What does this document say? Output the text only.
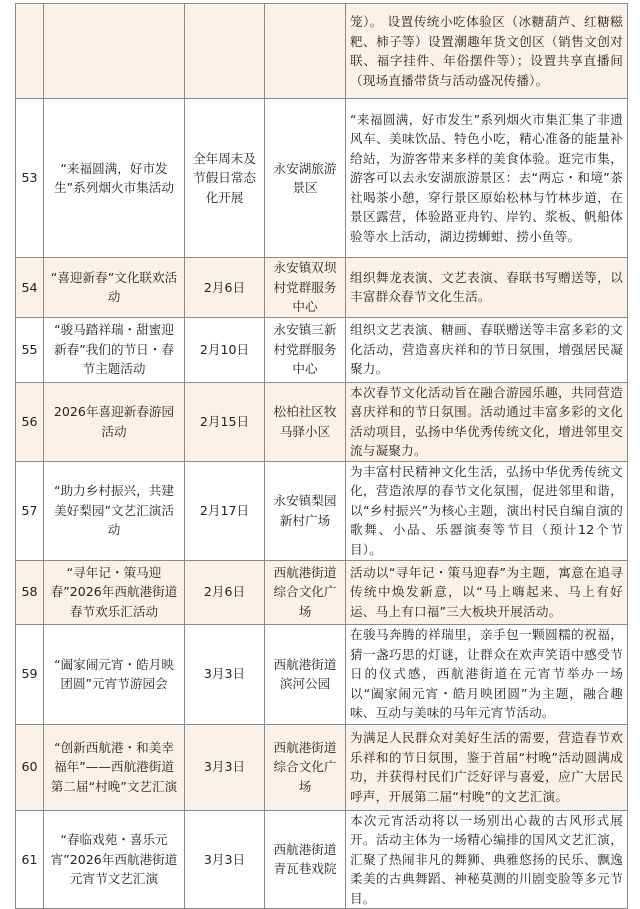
				笼）。 设置传统小吃体验区（冰糖葫芦、红糖糍粑、柿子等）设置潮趣年货文创区（销售文创对联、福字挂件、年俗摆件等）；设置共享直播间（现场直播带货与活动盛况传播）。
53	“来福圆满，好市发生”系列烟火市集活动	全年周末及节假日常态化开展	永安湖旅游景区	“来福圆满，好市发生”系列烟火市集汇集了非遗风车、美味饮品、特色小吃，精心准备的能量补给站，为游客带来多样的美食体验。逛完市集，游客可以去永安湖旅游景区：去“两忘・和境”茶社喝茶小憩，穿行景区原始松林与竹林步道，在景区露营，体验路亚舟钓、岸钓、浆板、帆船体验等水上活动，湖边捞蛳蚶、捞小鱼等。
54	“喜迎新春”文化联欢活动	2月6日	永安镇双坝村党群服务中心	组织舞龙表演、文艺表演、春联书写赠送等，以丰富群众春节文化生活。
55	“骏马踏祥瑞・甜蜜迎新春”我们的节日・春节主题活动	2月10日	永安镇三新村党群服务中心	组织文艺表演、糖画、春联赠送等丰富多彩的文化活动，营造喜庆祥和的节日氛围，增强居民凝聚力。
56	2026年喜迎新春游园活动	2月15日	松柏社区牧马驿小区	本次春节文化活动旨在融合游园乐趣，共同营造喜庆祥和的节日氛围。活动通过丰富多彩的文化活动项目，弘扬中华优秀传统文化，增进邻里交流与凝聚力。
57	“助力乡村振兴，共建美好梨园”文艺汇演活动	2月17日	永安镇梨园新村广场	为丰富村民精神文化生活，弘扬中华优秀传统文化，营造浓厚的春节文化氛围，促进邻里和谐，以“乡村振兴”为核心主题，演出村民自编自演的歌舞、小品、乐器演奏等节目（预计12个节目）。
58	“寻年记・策马迎春”2026年西航港街道春节欢乐汇活动	2月6日	西航港街道综合文化广场	活动以“寻年记・策马迎春”为主题，寓意在追寻传统中焕发新意，以“马上嗨起来、马上有好运、马上有口福”三大板块开展活动。
59	“阖家闹元宵・皓月映团圆”元宵节游园会	3月3日	西航港街道滨河公园	在骏马奔腾的祥瑞里，亲手包一颗圆糯的祝福，猜一盏巧思的灯谜，让群众在欢声笑语中感受节日的仪式感，西航港街道在元宵节举办一场以“阖家闹元宵・皓月映团圆”为主题，融合趣味、互动与美味的马年元宵节活动。
60	“创新西航港・和美幸福年”——西航港街道第二届“村晚”文艺汇演	3月3日	西航港街道综合文化广场	为满足人民群众对美好生活的需要，营造春节欢乐祥和的节日氛围，鉴于首届“村晚”活动圆满成功，并获得村民们广泛好评与喜爱，应广大居民呼声，开展第二届“村晚”的文艺汇演。
61	“春临戏苑・喜乐元宵”2026年西航港街道元宵节文艺汇演	3月3日	西航港街道青瓦巷戏院	本次元宵活动将以一场别出心裁的古风形式展开。活动主体为一场精心编排的国风文艺汇演，汇聚了热闹非凡的舞狮、典雅悠扬的民乐、飘逸柔美的古典舞蹈、神秘莫测的川剧变脸等多元节目。
